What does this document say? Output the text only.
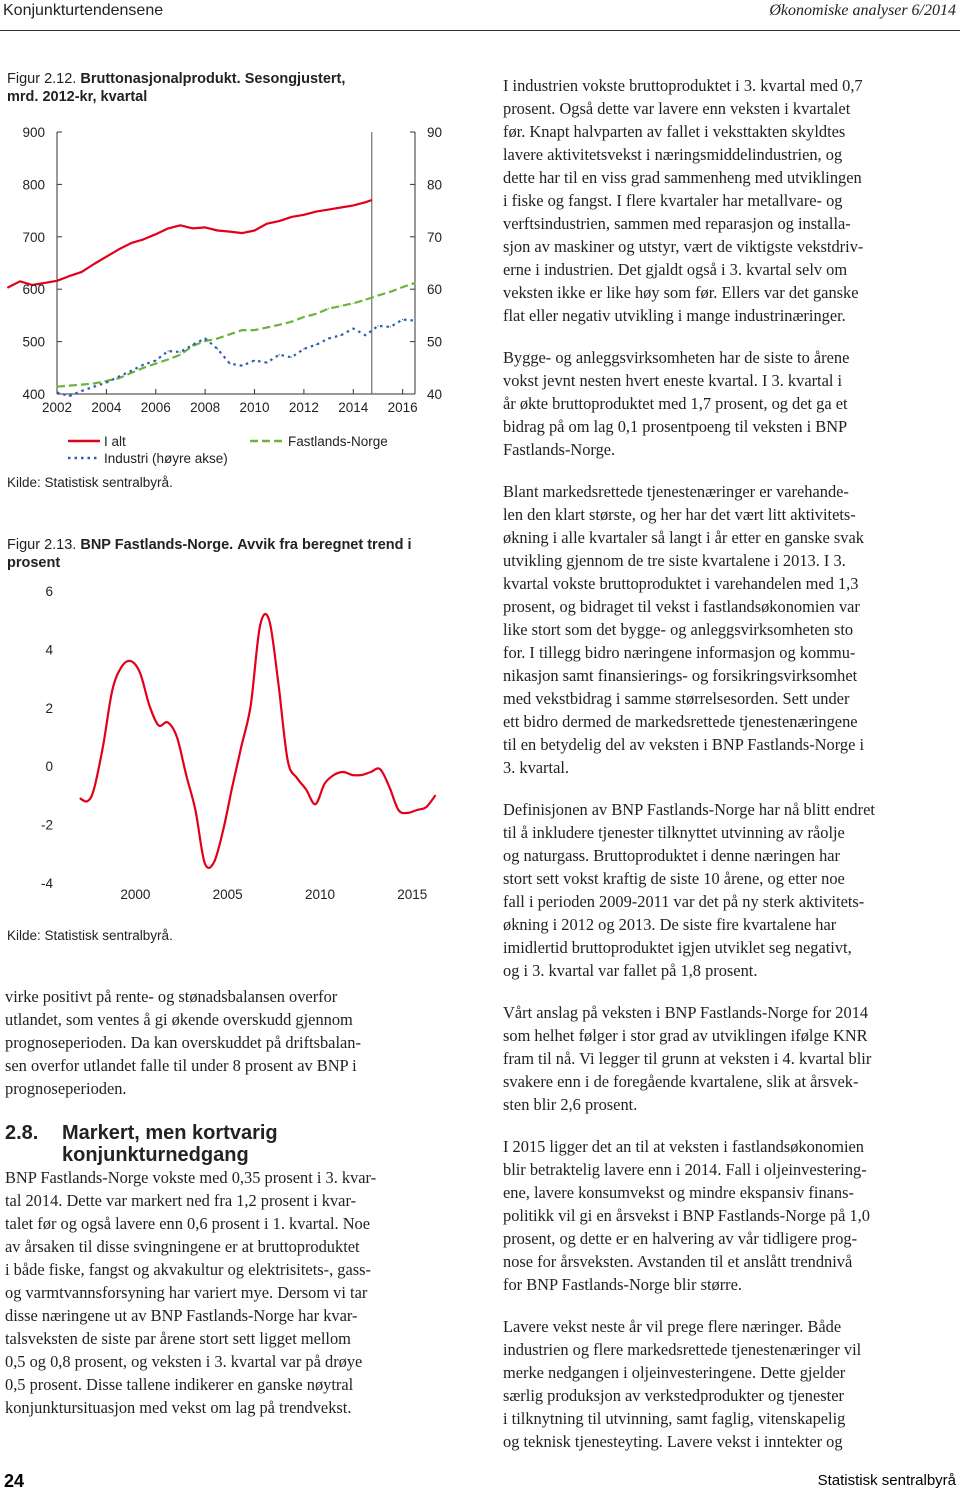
Konjunkturtendensene	Økonomiske analyser 6/2014
Figur 2.12. Bruttonasjonalprodukt. Sesongjustert,
mrd. 2012-kr, kvartal
900
800
700
600
500
400
90
80
70
60
50
40
2002 2004 2006 2008 2010 2012 2014 2016
I alt
Industri (høyre akse)
Fastlands-Norge
Kilde: Statistisk sentralbyrå.
Figur 2.13. BNP Fastlands-Norge. Avvik fra beregnet trend i
prosent
6
4
2
0
-2
-4
2000	2005	2010	2015
Kilde: Statistisk sentralbyrå.
virke positivt på rente- og stønadsbalansen overfor
utlandet, som ventes å gi økende overskudd gjennom
prognoseperioden. Da kan overskuddet på driftsbalan-
sen overfor utlandet falle til under 8 prosent av BNP i
prognoseperioden.
2.8.	Markert, men kortvarig
konjunkturnedgang
BNP Fastlands-Norge vokste med 0,35 prosent i 3. kvar-
tal 2014. Dette var markert ned fra 1,2 prosent i kvar-
talet før og også lavere enn 0,6 prosent i 1. kvartal. Noe
av årsaken til disse svingningene er at bruttoproduktet
i både fiske, fangst og akvakultur og elektrisitets-, gass-
og varmtvannsforsyning har variert mye. Dersom vi tar
disse næringene ut av BNP Fastlands-Norge har kvar-
talsveksten de siste par årene stort sett ligget mellom
0,5 og 0,8 prosent, og veksten i 3. kvartal var på drøye
0,5 prosent. Disse tallene indikerer en ganske nøytral
konjunktursituasjon med vekst om lag på trendvekst.

I industrien vokste bruttoproduktet i 3. kvartal med 0,7
prosent. Også dette var lavere enn veksten i kvartalet
før. Knapt halvparten av fallet i veksttakten skyldtes
lavere aktivitetsvekst i næringsmiddelindustrien, og
dette har til en viss grad sammenheng med utviklingen
i fiske og fangst. I flere kvartaler har metallvare- og
verftsindustrien, sammen med reparasjon og installa-
sjon av maskiner og utstyr, vært de viktigste vekstdriv-
erne i industrien. Det gjaldt også i 3. kvartal selv om
veksten ikke er like høy som før. Ellers var det ganske
flat eller negativ utvikling i mange industrinæringer.

Bygge- og anleggsvirksomheten har de siste to årene
vokst jevnt nesten hvert eneste kvartal. I 3. kvartal i
år økte bruttoproduktet med 1,7 prosent, og det ga et
bidrag på om lag 0,1 prosentpoeng til veksten i BNP
Fastlands-Norge.

Blant markedsrettede tjenestenæringer er varehande-
len den klart største, og her har det vært litt aktivitets-
økning i alle kvartaler så langt i år etter en ganske svak
utvikling gjennom de tre siste kvartalene i 2013. I 3.
kvartal vokste bruttoproduktet i varehandelen med 1,3
prosent, og bidraget til vekst i fastlandsøkonomien var
like stort som det bygge- og anleggsvirksomheten sto
for. I tillegg bidro næringene informasjon og kommu-
nikasjon samt finansierings- og forsikringsvirksomhet
med vekstbidrag i samme størrelsesorden. Sett under
ett bidro dermed de markedsrettede tjenestenæringene
til en betydelig del av veksten i BNP Fastlands-Norge i
3. kvartal.

Definisjonen av BNP Fastlands-Norge har nå blitt endret
til å inkludere tjenester tilknyttet utvinning av råolje
og naturgass. Bruttoproduktet i denne næringen har
stort sett vokst kraftig de siste 10 årene, og etter noe
fall i perioden 2009-2011 var det på ny sterk aktivitets-
økning i 2012 og 2013. De siste fire kvartalene har
imidlertid bruttoproduktet igjen utviklet seg negativt,
og i 3. kvartal var fallet på 1,8 prosent.

Vårt anslag på veksten i BNP Fastlands-Norge for 2014
som helhet følger i stor grad av utviklingen ifølge KNR
fram til nå. Vi legger til grunn at veksten i 4. kvartal blir
svakere enn i de foregående kvartalene, slik at årsvek-
sten blir 2,6 prosent.

I 2015 ligger det an til at veksten i fastlandsøkonomien
blir betraktelig lavere enn i 2014. Fall i oljeinvestering-
ene, lavere konsumvekst og mindre ekspansiv finans-
politikk vil gi en årsvekst i BNP Fastlands-Norge på 1,0
prosent, og dette er en halvering av vår tidligere prog-
nose for årsveksten. Avstanden til et anslått trendnivå
for BNP Fastlands-Norge blir større.

Lavere vekst neste år vil prege flere næringer. Både
industrien og flere markedsrettede tjenestenæringer vil
merke nedgangen i oljeinvesteringene. Dette gjelder
særlig produksjon av verkstedprodukter og tjenester
i tilknytning til utvinning, samt faglig, vitenskapelig
og teknisk tjenesteyting. Lavere vekst i inntekter og

24	Statistisk sentralbyrå
